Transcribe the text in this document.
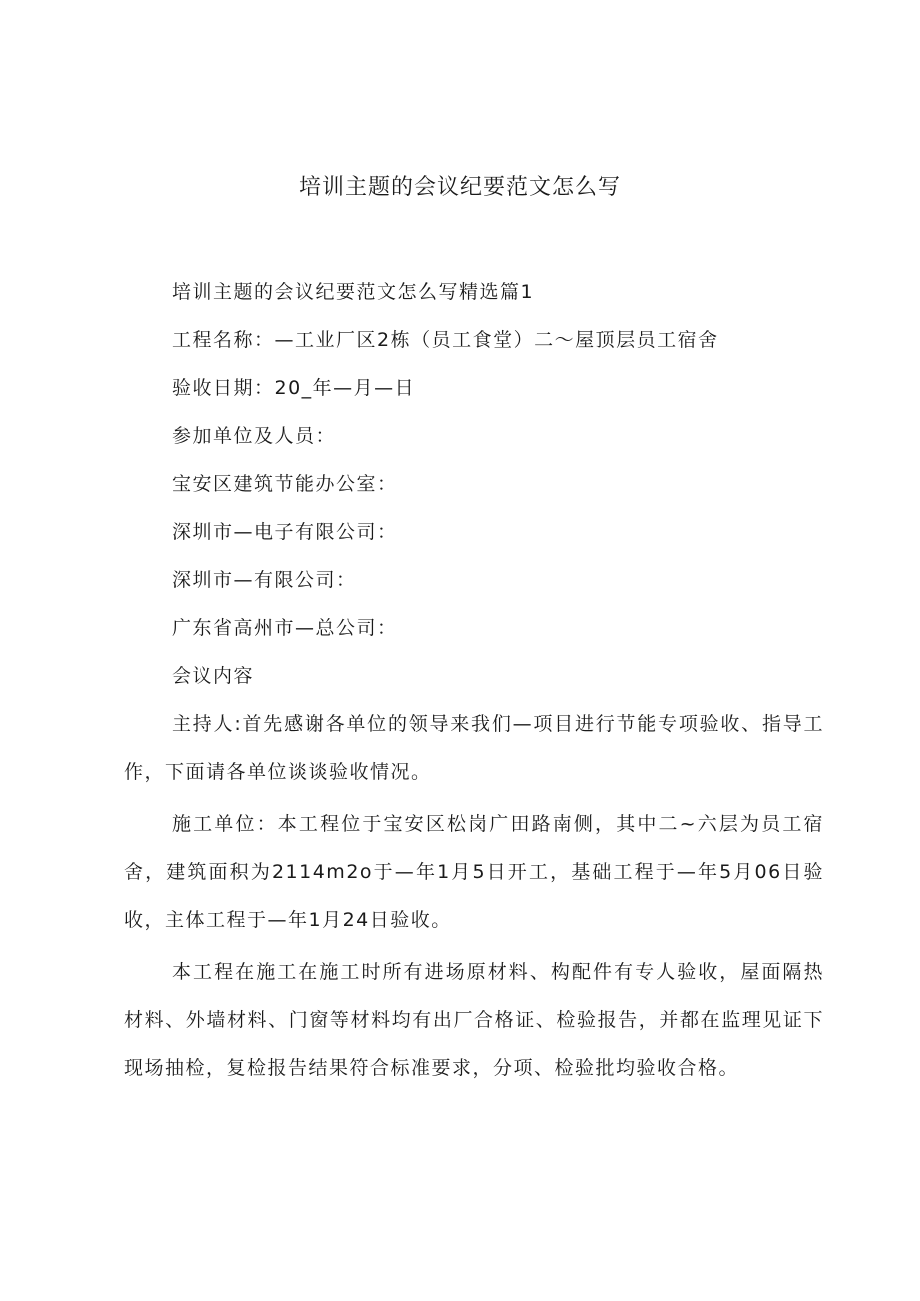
培训主题的会议纪要范文怎么写
培训主题的会议纪要范文怎么写精选篇1
工程名称：—工业厂区2栋（员工食堂）二～屋顶层员工宿舍
验收日期：20_年—月—日
参加单位及人员：
宝安区建筑节能办公室：
深圳市—电子有限公司：
深圳市—有限公司：
广东省高州市—总公司：
会议内容
主持人:首先感谢各单位的领导来我们—项目进行节能专项验收、指导工作，下面请各单位谈谈验收情况。
施工单位：本工程位于宝安区松岗广田路南侧，其中二~六层为员工宿舍，建筑面积为2114m2o于—年1月5日开工，基础工程于—年5月06日验收，主体工程于—年1月24日验收。
本工程在施工在施工时所有进场原材料、构配件有专人验收，屋面隔热材料、外墙材料、门窗等材料均有出厂合格证、检验报告，并都在监理见证下现场抽检，复检报告结果符合标准要求，分项、检验批均验收合格。
